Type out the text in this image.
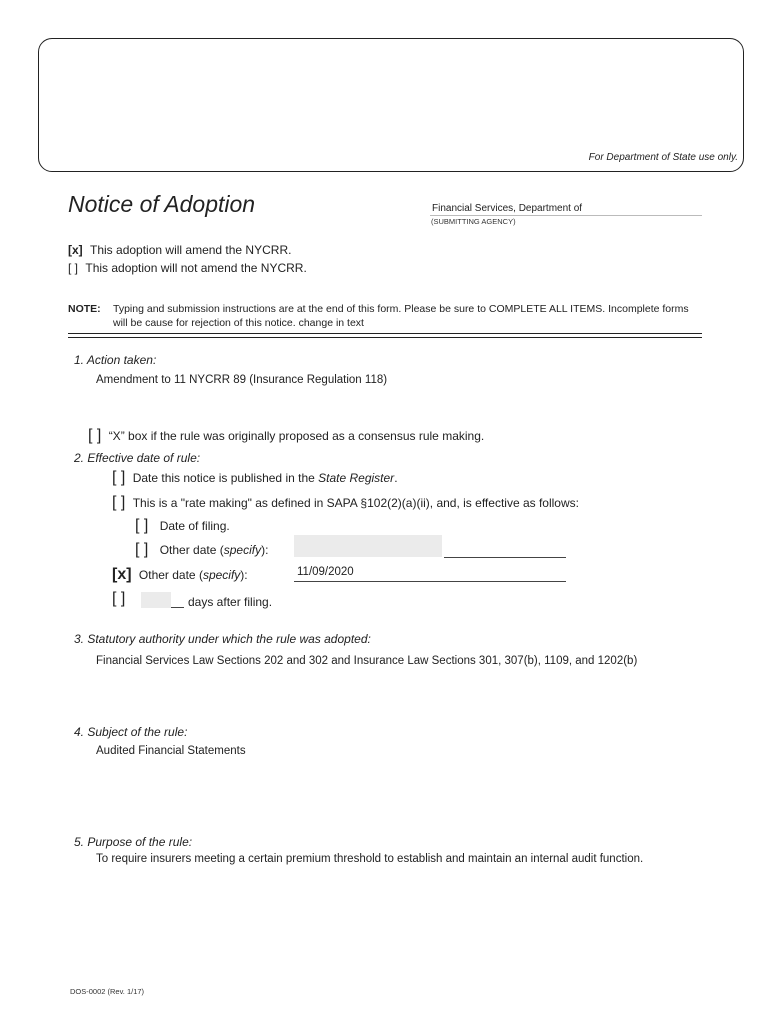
For Department of State use only.
Notice of Adoption	Financial Services, Department of
(SUBMITTING AGENCY)
[x] This adoption will amend the NYCRR.
[ ] This adoption will not amend the NYCRR.
NOTE: Typing and submission instructions are at the end of this form. Please be sure to COMPLETE ALL ITEMS. Incomplete forms will be cause for rejection of this notice. change in text
1. Action taken:
Amendment to 11 NYCRR 89 (Insurance Regulation 118)
[ ] “X” box if the rule was originally proposed as a consensus rule making.
2. Effective date of rule:
[ ] Date this notice is published in the State Register.
[ ] This is a "rate making" as defined in SAPA §102(2)(a)(ii), and, is effective as follows:
[ ] Date of filing.
[ ] Other date (specify):
[x] Other date (specify):	11/09/2020
[ ]	days after filing.
3. Statutory authority under which the rule was adopted:
Financial Services Law Sections 202 and 302 and Insurance Law Sections 301, 307(b), 1109, and 1202(b)
4. Subject of the rule:
Audited Financial Statements
5. Purpose of the rule:
To require insurers meeting a certain premium threshold to establish and maintain an internal audit function.
DOS-0002 (Rev. 1/17)
